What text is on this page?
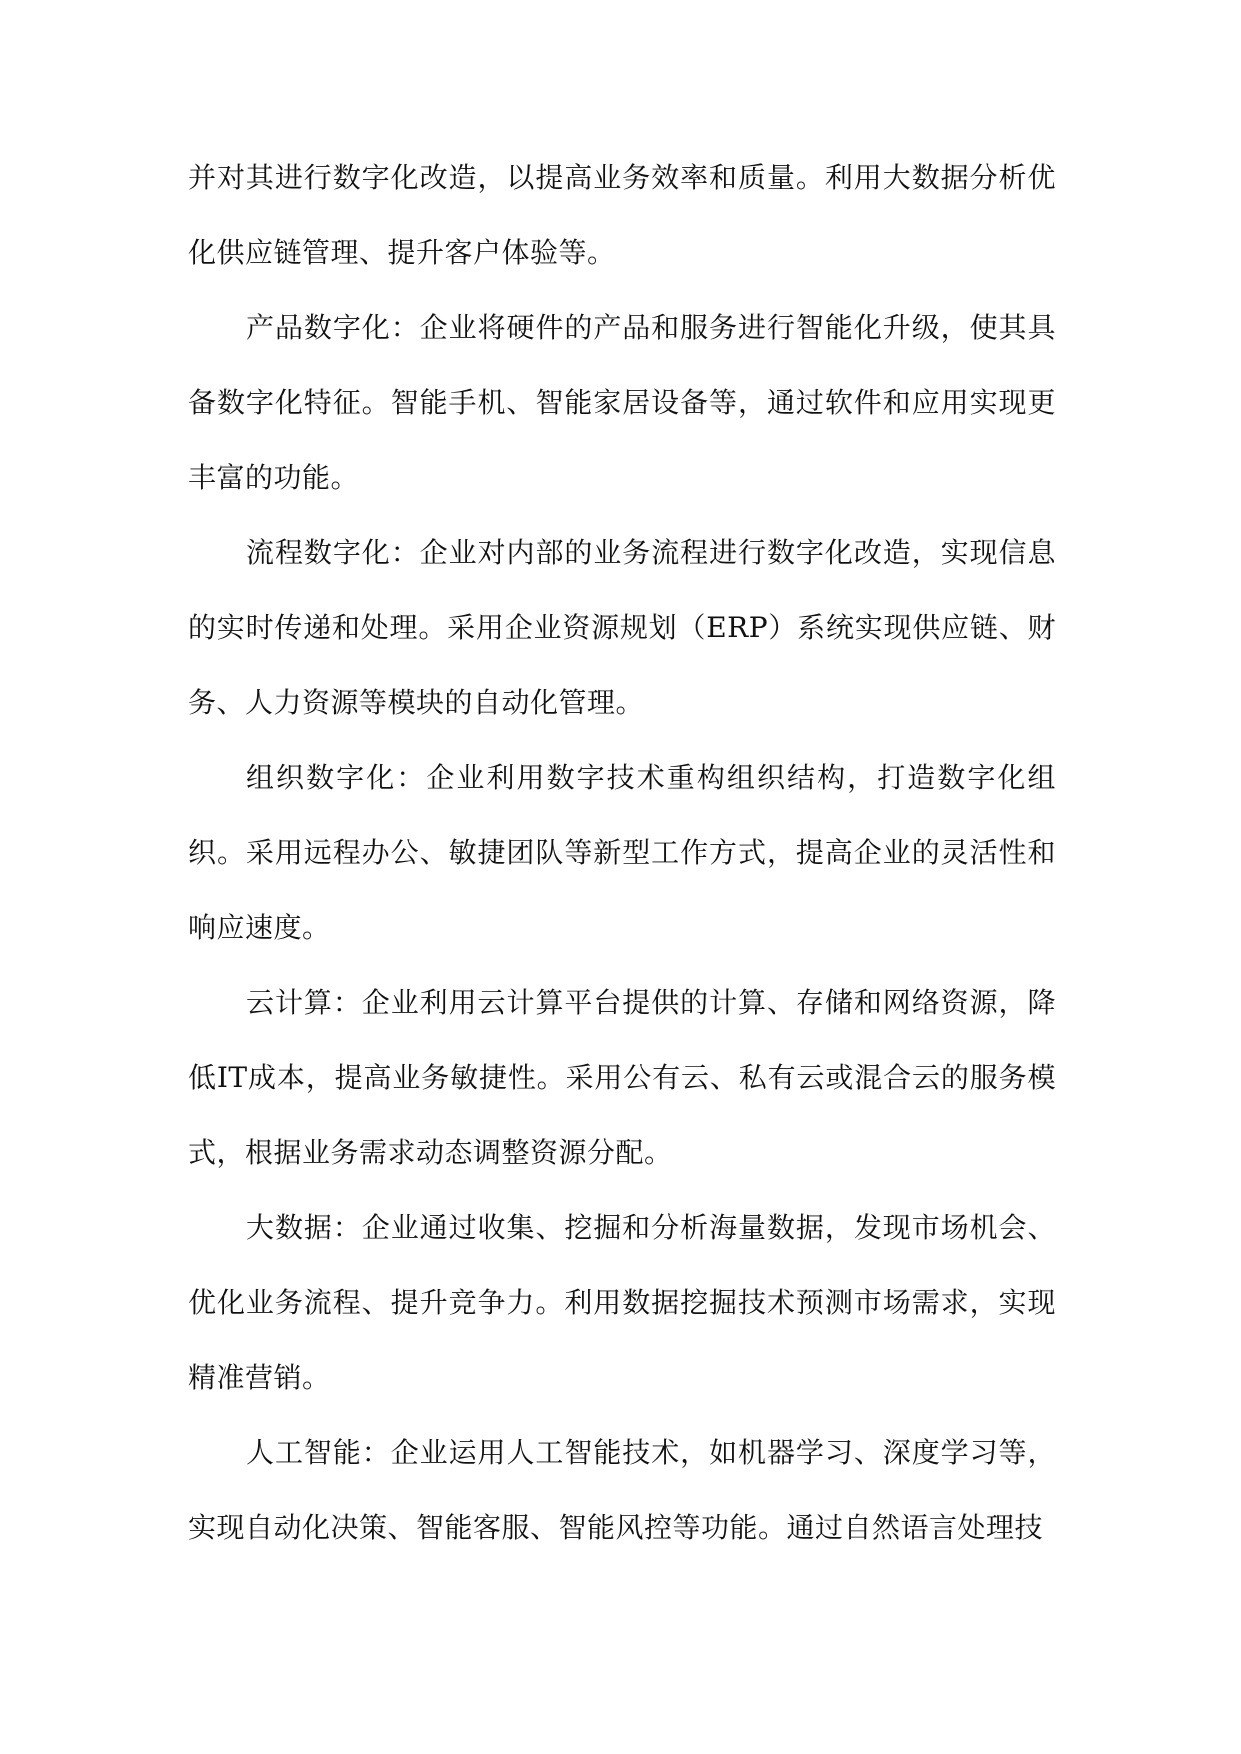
并对其进行数字化改造，以提高业务效率和质量。利用大数据分析优化供应链管理、提升客户体验等。

产品数字化：企业将硬件的产品和服务进行智能化升级，使其具备数字化特征。智能手机、智能家居设备等，通过软件和应用实现更丰富的功能。

流程数字化：企业对内部的业务流程进行数字化改造，实现信息的实时传递和处理。采用企业资源规划（ERP）系统实现供应链、财务、人力资源等模块的自动化管理。

组织数字化：企业利用数字技术重构组织结构，打造数字化组织。采用远程办公、敏捷团队等新型工作方式，提高企业的灵活性和响应速度。

云计算：企业利用云计算平台提供的计算、存储和网络资源，降低IT成本，提高业务敏捷性。采用公有云、私有云或混合云的服务模式，根据业务需求动态调整资源分配。

大数据：企业通过收集、挖掘和分析海量数据，发现市场机会、优化业务流程、提升竞争力。利用数据挖掘技术预测市场需求，实现精准营销。

人工智能：企业运用人工智能技术，如机器学习、深度学习等，实现自动化决策、智能客服、智能风控等功能。通过自然语言处理技
